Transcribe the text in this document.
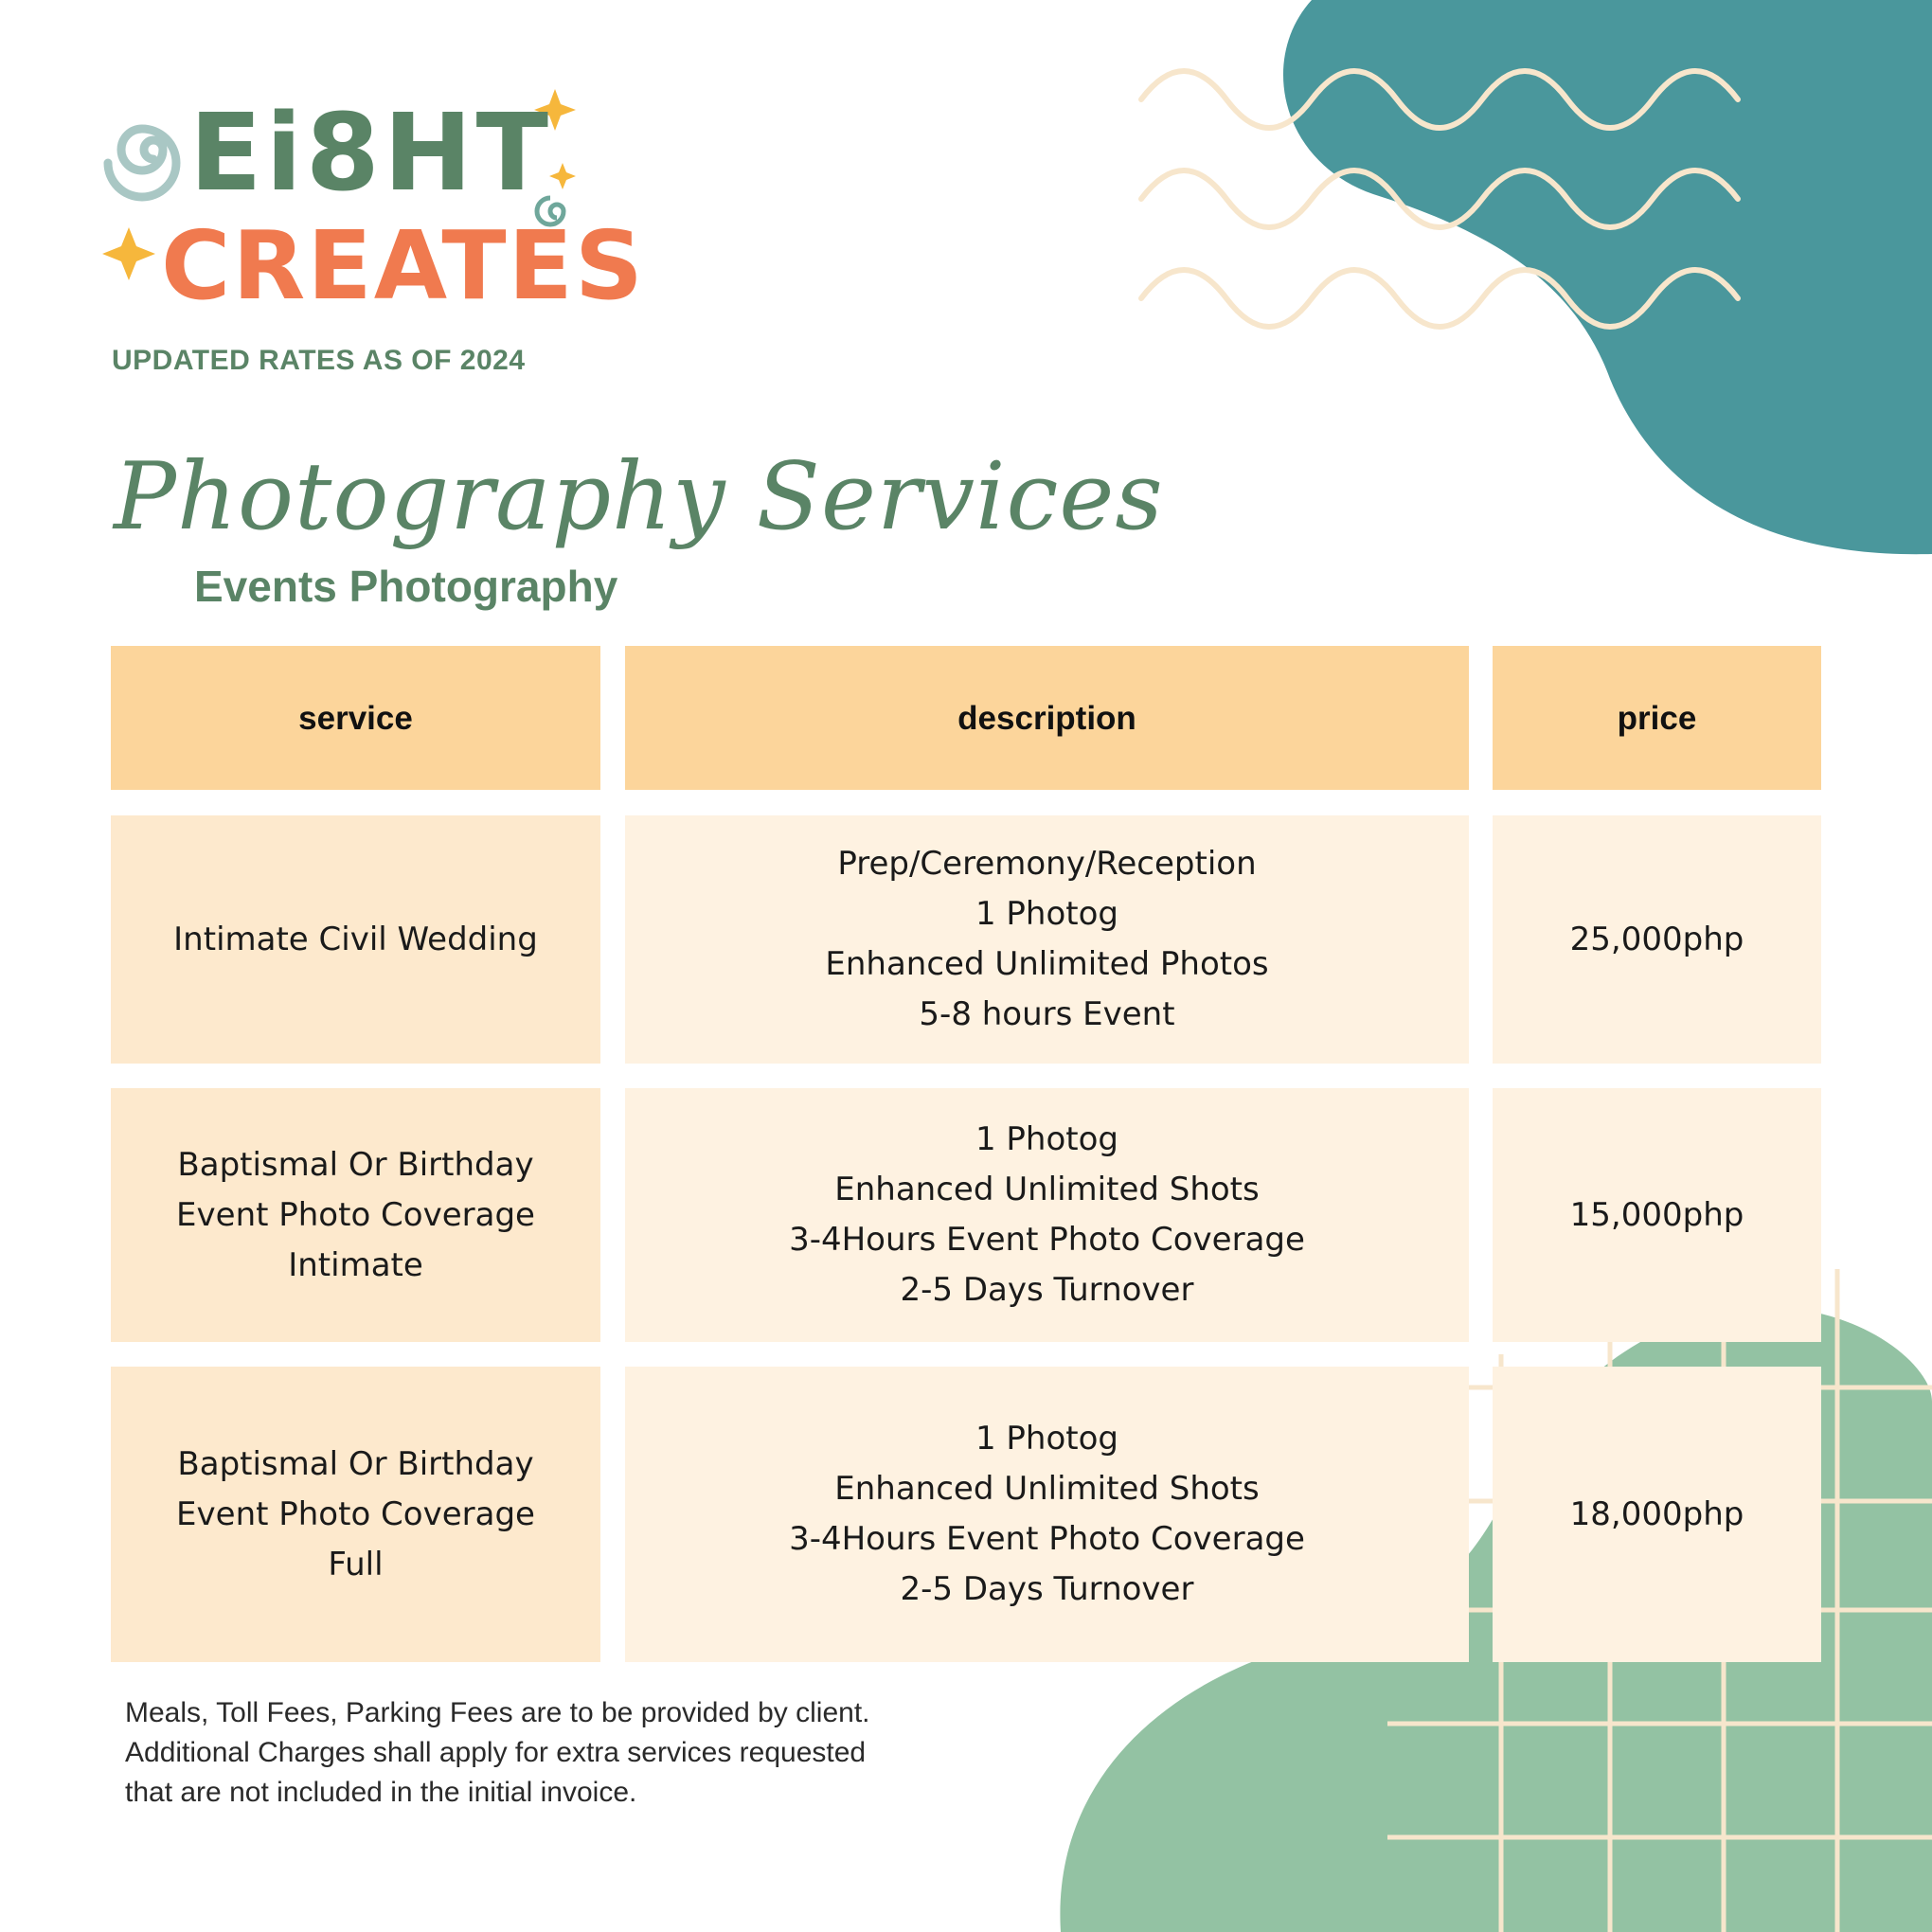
Ei8HT
CREATES
UPDATED RATES AS OF 2024
Photography Services
Events Photography
service	description	price
Intimate Civil Wedding
Prep/Ceremony/Reception
1 Photog
Enhanced Unlimited Photos
5-8 hours Event
25,000php
Baptismal Or Birthday
Event Photo Coverage
Intimate
1 Photog
Enhanced Unlimited Shots
3-4Hours Event Photo Coverage
2-5 Days Turnover
15,000php
Baptismal Or Birthday
Event Photo Coverage
Full
1 Photog
Enhanced Unlimited Shots
3-4Hours Event Photo Coverage
2-5 Days Turnover
18,000php
Meals, Toll Fees, Parking Fees are to be provided by client.
Additional Charges shall apply for extra services requested
that are not included in the initial invoice.
